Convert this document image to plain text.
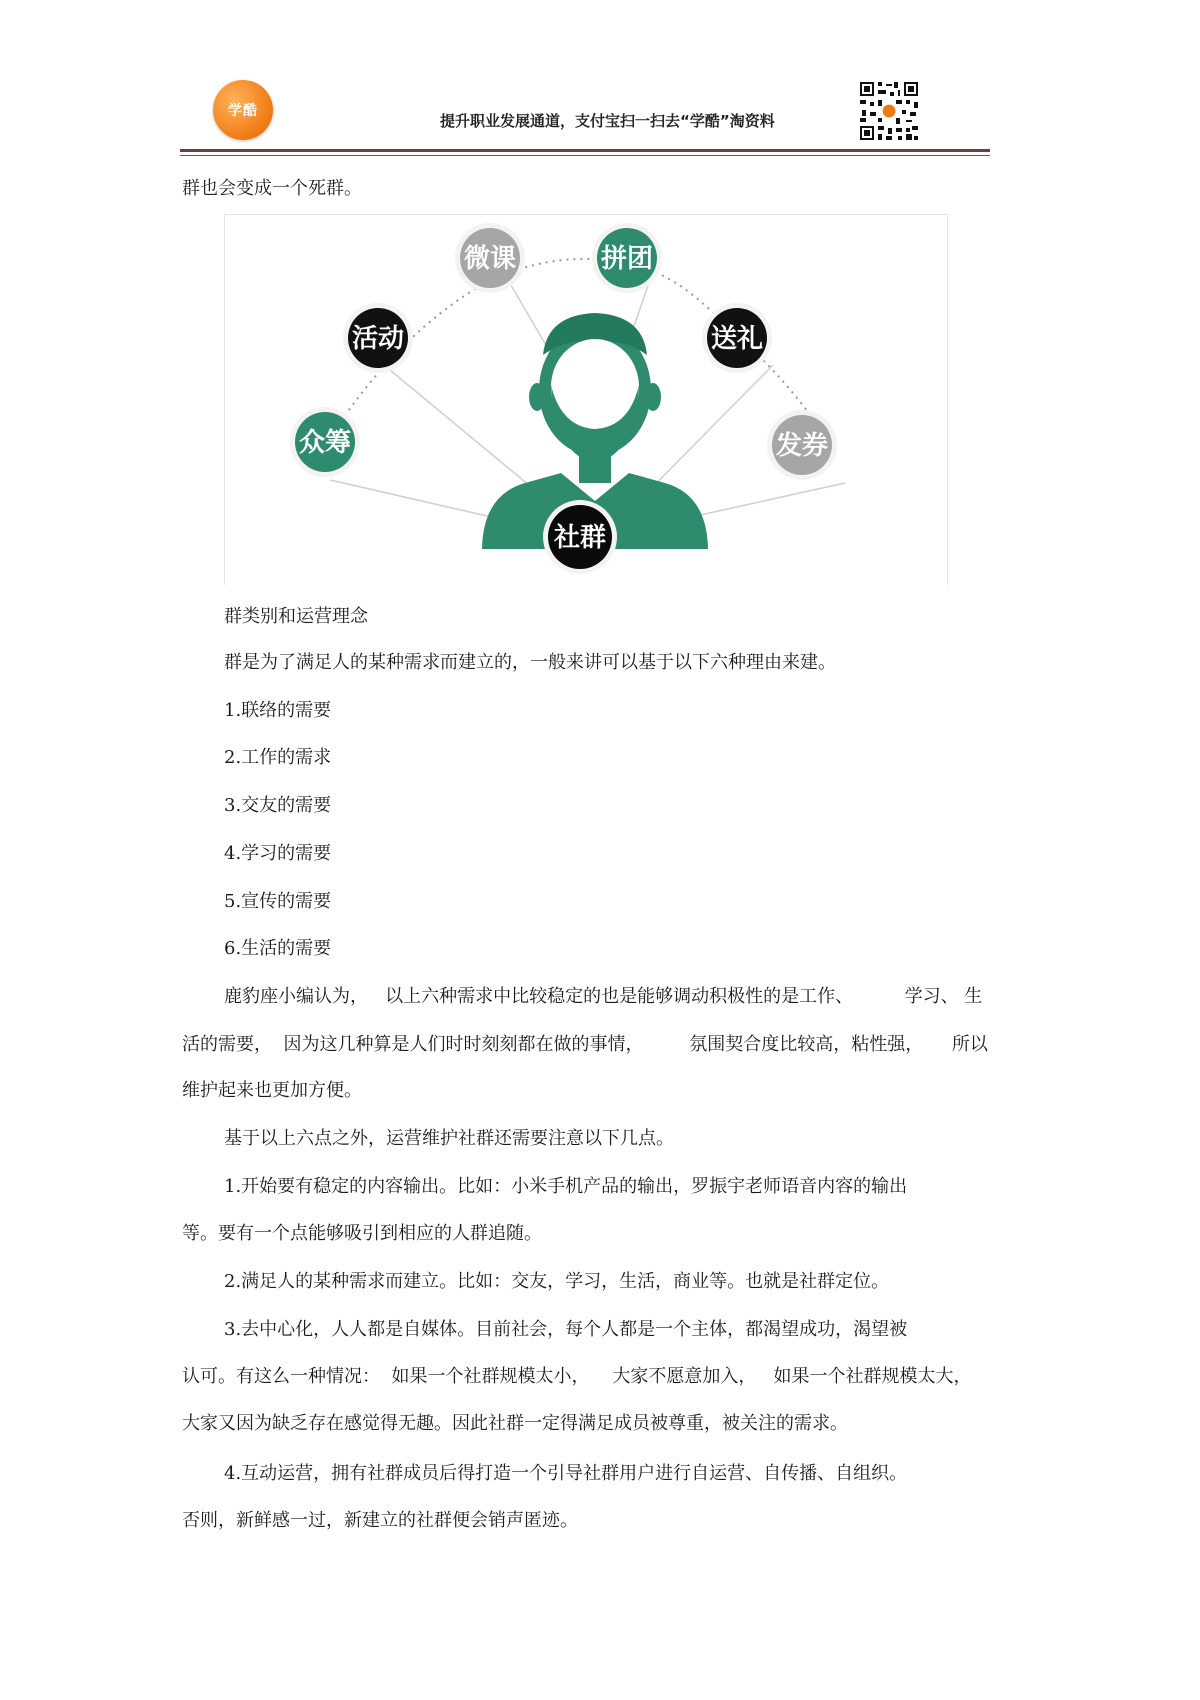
学酷
提升职业发展通道，支付宝扫一扫去“学酷”淘资料
群也会变成一个死群。
众筹
活动
微课	拼团
送礼
发券
社群
群类别和运营理念
群是为了满足人的某种需求而建立的，一般来讲可以基于以下六种理由来建。
1.联络的需要
2.工作的需求
3.交友的需要
4.学习的需要
5.宣传的需要
6.生活的需要
鹿豹座小编认为，   以上六种需求中比较稳定的也是能够调动积极性的是工作、         学习、 生
活的需要，  因为这几种算是人们时时刻刻都在做的事情，        氛围契合度比较高，粘性强，     所以
维护起来也更加方便。
基于以上六点之外，运营维护社群还需要注意以下几点。
1.开始要有稳定的内容输出。比如：小米手机产品的输出，罗振宇老师语音内容的输出
等。要有一个点能够吸引到相应的人群追随。
2.满足人的某种需求而建立。比如：交友，学习，生活，商业等。也就是社群定位。
3.去中心化，人人都是自媒体。目前社会，每个人都是一个主体，都渴望成功，渴望被
认可。有这么一种情况：  如果一个社群规模太小，    大家不愿意加入，   如果一个社群规模太大，
大家又因为缺乏存在感觉得无趣。因此社群一定得满足成员被尊重，被关注的需求。
4.互动运营，拥有社群成员后得打造一个引导社群用户进行自运营、自传播、自组织。
否则，新鲜感一过，新建立的社群便会销声匿迹。
